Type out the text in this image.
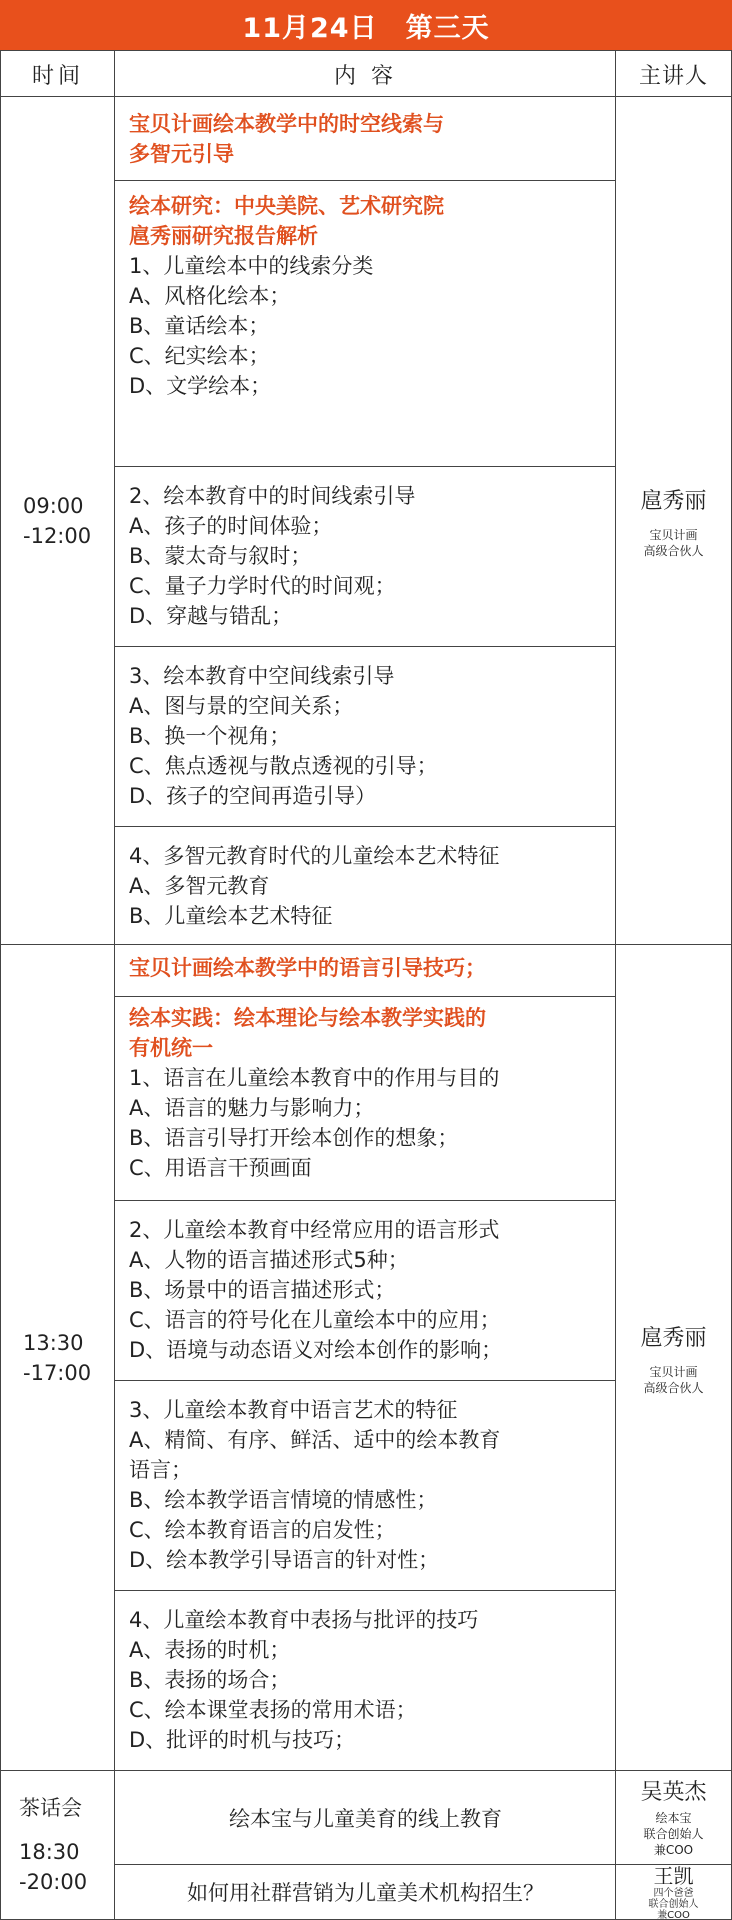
11月24日 第三天
时间	内 容	主讲人
09:00
-12:00
宝贝计画绘本教学中的时空线索与
多智元引导
绘本研究：中央美院、艺术研究院
扈秀丽研究报告解析
1、儿童绘本中的线索分类
A、风格化绘本；
B、童话绘本；
C、纪实绘本；
D、文学绘本；
2、绘本教育中的时间线索引导
A、孩子的时间体验；
B、蒙太奇与叙时；
C、量子力学时代的时间观；
D、穿越与错乱；
3、绘本教育中空间线索引导
A、图与景的空间关系；
B、换一个视角；
C、焦点透视与散点透视的引导；
D、孩子的空间再造引导）
4、多智元教育时代的儿童绘本艺术特征
A、多智元教育
B、儿童绘本艺术特征
扈秀丽
宝贝计画
高级合伙人
13:30
-17:00
宝贝计画绘本教学中的语言引导技巧；
绘本实践：绘本理论与绘本教学实践的
有机统一
1、语言在儿童绘本教育中的作用与目的
A、语言的魅力与影响力；
B、语言引导打开绘本创作的想象；
C、用语言干预画面
2、儿童绘本教育中经常应用的语言形式
A、人物的语言描述形式5种；
B、场景中的语言描述形式；
C、语言的符号化在儿童绘本中的应用；
D、语境与动态语义对绘本创作的影响；
3、儿童绘本教育中语言艺术的特征
A、精简、有序、鲜活、适中的绘本教育
语言；
B、绘本教学语言情境的情感性；
C、绘本教育语言的启发性；
D、绘本教学引导语言的针对性；
4、儿童绘本教育中表扬与批评的技巧
A、表扬的时机；
B、表扬的场合；
C、绘本课堂表扬的常用术语；
D、批评的时机与技巧；
扈秀丽
宝贝计画
高级合伙人
茶话会
18:30
-20:00
绘本宝与儿童美育的线上教育
如何用社群营销为儿童美术机构招生？
吴英杰
绘本宝
联合创始人
兼COO
王凯
四个爸爸
联合创始人
兼COO
